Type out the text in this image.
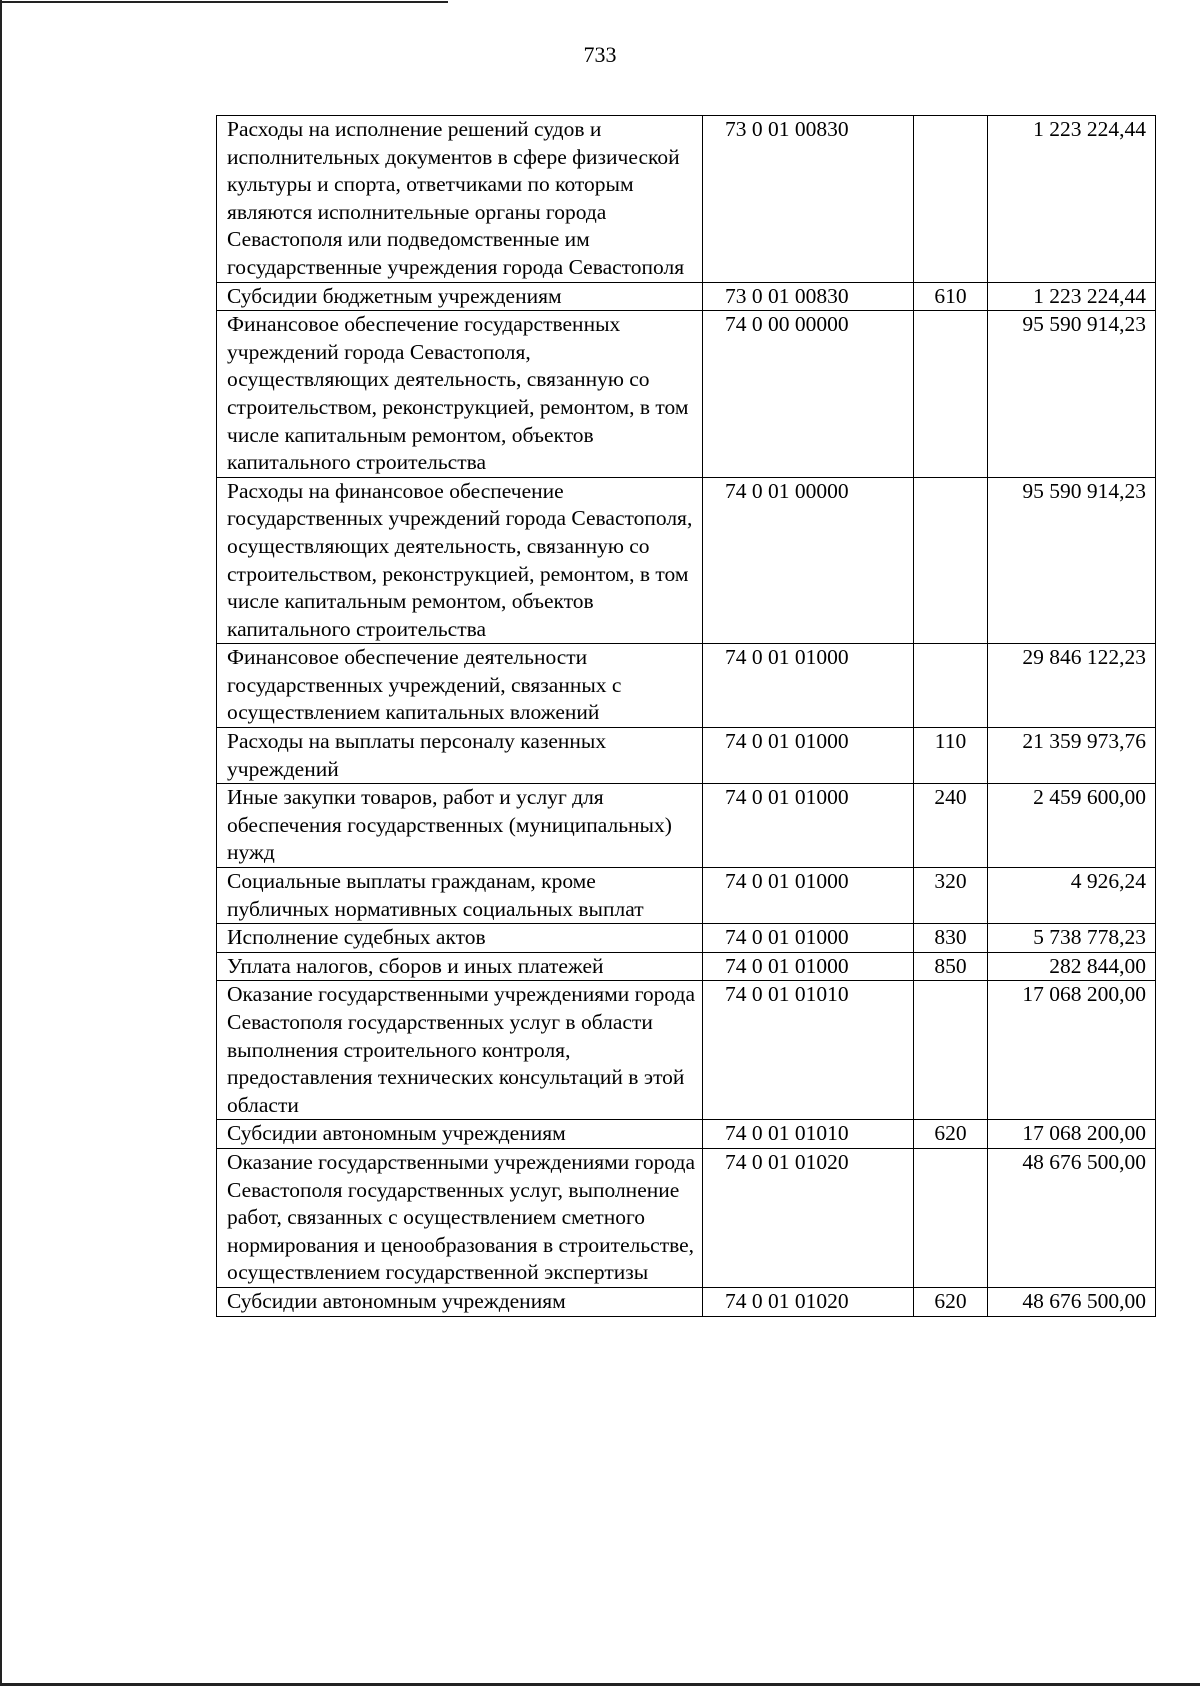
733
Расходы на исполнение решений судов и исполнительных документов в сфере физической культуры и спорта, ответчиками по которым являются исполнительные органы города Севастополя или подведомственные им государственные учреждения города Севастополя	73 0 01 00830		1 223 224,44
Субсидии бюджетным учреждениям	73 0 01 00830	610	1 223 224,44
Финансовое обеспечение государственных учреждений города Севастополя, осуществляющих деятельность, связанную со строительством, реконструкцией, ремонтом, в том числе капитальным ремонтом, объектов капитального строительства	74 0 00 00000		95 590 914,23
Расходы на финансовое обеспечение государственных учреждений города Севастополя, осуществляющих деятельность, связанную со строительством, реконструкцией, ремонтом, в том числе капитальным ремонтом, объектов капитального строительства	74 0 01 00000		95 590 914,23
Финансовое обеспечение деятельности государственных учреждений, связанных с осуществлением капитальных вложений	74 0 01 01000		29 846 122,23
Расходы на выплаты персоналу казенных учреждений	74 0 01 01000	110	21 359 973,76
Иные закупки товаров, работ и услуг для обеспечения государственных (муниципальных) нужд	74 0 01 01000	240	2 459 600,00
Социальные выплаты гражданам, кроме публичных нормативных социальных выплат	74 0 01 01000	320	4 926,24
Исполнение судебных актов	74 0 01 01000	830	5 738 778,23
Уплата налогов, сборов и иных платежей	74 0 01 01000	850	282 844,00
Оказание государственными учреждениями города Севастополя государственных услуг в области выполнения строительного контроля, предоставления технических консультаций в этой области	74 0 01 01010		17 068 200,00
Субсидии автономным учреждениям	74 0 01 01010	620	17 068 200,00
Оказание государственными учреждениями города Севастополя государственных услуг, выполнение работ, связанных с осуществлением сметного нормирования и ценообразования в строительстве, осуществлением государственной экспертизы	74 0 01 01020		48 676 500,00
Субсидии автономным учреждениям	74 0 01 01020	620	48 676 500,00
